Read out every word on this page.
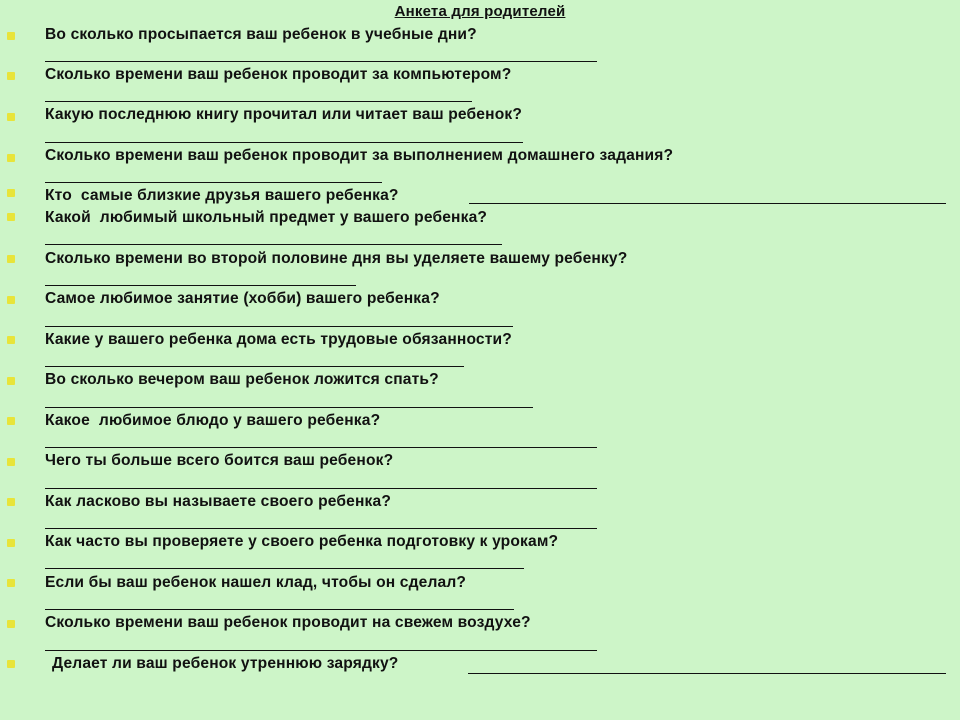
Анкета для родителей
Во сколько просыпается ваш ребенок в учебные дни?
Сколько времени ваш ребенок проводит за компьютером?
Какую последнюю книгу прочитал или читает ваш ребенок?
Сколько времени ваш ребенок проводит за выполнением домашнего задания?
Кто  самые близкие друзья вашего ребенка?
Какой  любимый школьный предмет у вашего ребенка?
Сколько времени во второй половине дня вы уделяете вашему ребенку?
Самое любимое занятие (хобби) вашего ребенка?
Какие у вашего ребенка дома есть трудовые обязанности?
Во сколько вечером ваш ребенок ложится спать?
Какое  любимое блюдо у вашего ребенка?
Чего ты больше всего боится ваш ребенок?
Как ласково вы называете своего ребенка?
Как часто вы проверяете у своего ребенка подготовку к урокам?
Если бы ваш ребенок нашел клад, чтобы он сделал?
Сколько времени ваш ребенок проводит на свежем воздухе?
Делает ли ваш ребенок утреннюю зарядку?
